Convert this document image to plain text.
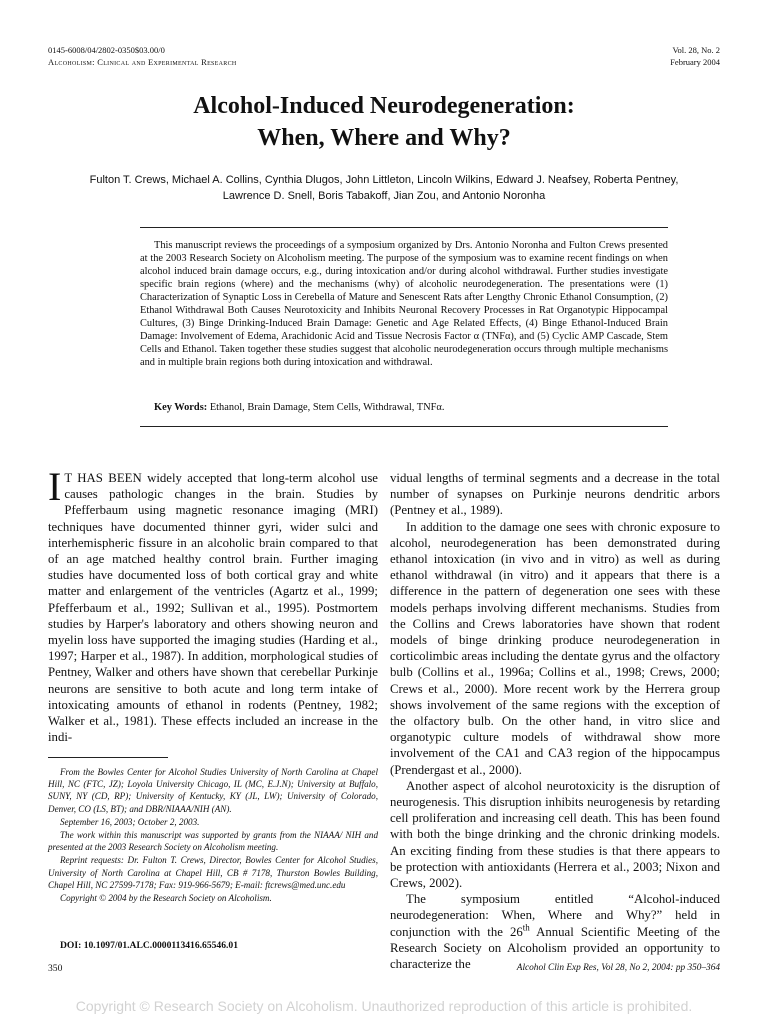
0145-6008/04/2802-0350$03.00/0
Alcoholism: Clinical and Experimental Research
Vol. 28, No. 2
February 2004
Alcohol-Induced Neurodegeneration:
When, Where and Why?
Fulton T. Crews, Michael A. Collins, Cynthia Dlugos, John Littleton, Lincoln Wilkins, Edward J. Neafsey, Roberta Pentney,
Lawrence D. Snell, Boris Tabakoff, Jian Zou, and Antonio Noronha
This manuscript reviews the proceedings of a symposium organized by Drs. Antonio Noronha and Fulton Crews presented at the 2003 Research Society on Alcoholism meeting. The purpose of the symposium was to examine recent findings on when alcohol induced brain damage occurs, e.g., during intoxication and/or during alcohol withdrawal. Further studies investigate specific brain regions (where) and the mechanisms (why) of alcoholic neurodegeneration. The presentations were (1) Characterization of Synaptic Loss in Cerebella of Mature and Senescent Rats after Lengthy Chronic Ethanol Consumption, (2) Ethanol Withdrawal Both Causes Neurotoxicity and Inhibits Neuronal Recovery Processes in Rat Organotypic Hippocampal Cultures, (3) Binge Drinking-Induced Brain Damage: Genetic and Age Related Effects, (4) Binge Ethanol-Induced Brain Damage: Involvement of Edema, Arachidonic Acid and Tissue Necrosis Factor α (TNFα), and (5) Cyclic AMP Cascade, Stem Cells and Ethanol. Taken together these studies suggest that alcoholic neurodegeneration occurs through multiple mechanisms and in multiple brain regions both during intoxication and withdrawal.
Key Words: Ethanol, Brain Damage, Stem Cells, Withdrawal, TNFα.

I T HAS BEEN widely accepted that long-term alcohol use causes pathologic changes in the brain. Studies by Pfefferbaum using magnetic resonance imaging (MRI) techniques have documented thinner gyri, wider sulci and interhemispheric fissure in an alcoholic brain compared to that of an age matched healthy control brain. Further imaging studies have documented loss of both cortical gray and white matter and enlargement of the ventricles (Agartz et al., 1999; Pfefferbaum et al., 1992; Sullivan et al., 1995). Postmortem studies by Harper's laboratory and others showing neuron and myelin loss have supported the imaging studies (Harding et al., 1997; Harper et al., 1987). In addition, morphological studies of Pentney, Walker and others have shown that cerebellar Purkinje neurons are sensitive to both acute and long term intake of intoxicating amounts of ethanol in rodents (Pentney, 1982; Walker et al., 1981). These effects included an increase in the indi-

vidual lengths of terminal segments and a decrease in the total number of synapses on Purkinje neurons dendritic arbors (Pentney et al., 1989).

In addition to the damage one sees with chronic exposure to alcohol, neurodegeneration has been demonstrated during ethanol intoxication (in vivo and in vitro) as well as during ethanol withdrawal (in vitro) and it appears that there is a difference in the pattern of degeneration one sees with these models perhaps involving different mechanisms. Studies from the Collins and Crews laboratories have shown that rodent models of binge drinking produce neurodegeneration in corticolimbic areas including the dentate gyrus and the olfactory bulb (Collins et al., 1996a; Collins et al., 1998; Crews, 2000; Crews et al., 2000). More recent work by the Herrera group shows involvement of the same regions with the exception of the olfactory bulb. On the other hand, in vitro slice and organotypic culture models of withdrawal show more involvement of the CA1 and CA3 region of the hippocampus (Prendergast et al., 2000).

Another aspect of alcohol neurotoxicity is the disruption of neurogenesis. This disruption inhibits neurogenesis by retarding cell proliferation and increasing cell death. This has been found with both the binge drinking and the chronic drinking models. An exciting finding from these studies is that there appears to be protection with antioxidants (Herrera et al., 2003; Nixon and Crews, 2002).

The symposium entitled “Alcohol-induced neurodegeneration: When, Where and Why?” held in conjunction with the 26th Annual Scientific Meeting of the Research Society on Alcoholism provided an opportunity to characterize the

From the Bowles Center for Alcohol Studies University of North Carolina at Chapel Hill, NC (FTC, JZ); Loyola University Chicago, IL (MC, E.J.N); University at Buffalo, SUNY, NY (CD, RP); University of Kentucky, KY (JL, LW); University of Colorado, Denver, CO (LS, BT); and DBR/NIAAA/NIH (AN).

September 16, 2003; October 2, 2003.

The work within this manuscript was supported by grants from the NIAAA/ NIH and presented at the 2003 Research Society on Alcoholism meeting.

Reprint requests: Dr. Fulton T. Crews, Director, Bowles Center for Alcohol Studies, University of North Carolina at Chapel Hill, CB # 7178, Thurston Bowles Building, Chapel Hill, NC 27599-7178; Fax: 919-966-5679; E-mail: ftcrews@med.unc.edu

Copyright © 2004 by the Research Society on Alcoholism.

DOI: 10.1097/01.ALC.0000113416.65546.01
350	Alcohol Clin Exp Res, Vol 28, No 2, 2004: pp 350–364
Copyright © Research Society on Alcoholism. Unauthorized reproduction of this article is prohibited.
